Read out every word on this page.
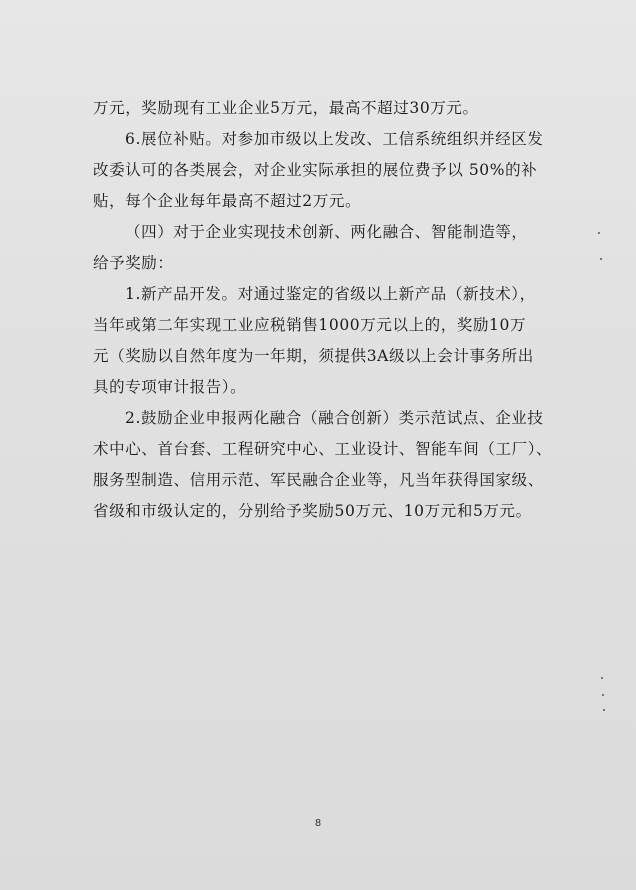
万元，奖励现有工业企业5万元，最高不超过30万元。
6.展位补贴。对参加市级以上发改、工信系统组织并经区发
改委认可的各类展会，对企业实际承担的展位费予以 50%的补
贴，每个企业每年最高不超过2万元。
（四）对于企业实现技术创新、两化融合、智能制造等，
给予奖励：
1.新产品开发。对通过鉴定的省级以上新产品（新技术），
当年或第二年实现工业应税销售1000万元以上的，奖励10万
元（奖励以自然年度为一年期，须提供3A级以上会计事务所出
具的专项审计报告）。
2.鼓励企业申报两化融合（融合创新）类示范试点、企业技
术中心、首台套、工程研究中心、工业设计、智能车间（工厂）、
服务型制造、信用示范、军民融合企业等，凡当年获得国家级、
省级和市级认定的，分别给予奖励50万元、10万元和5万元。
8
